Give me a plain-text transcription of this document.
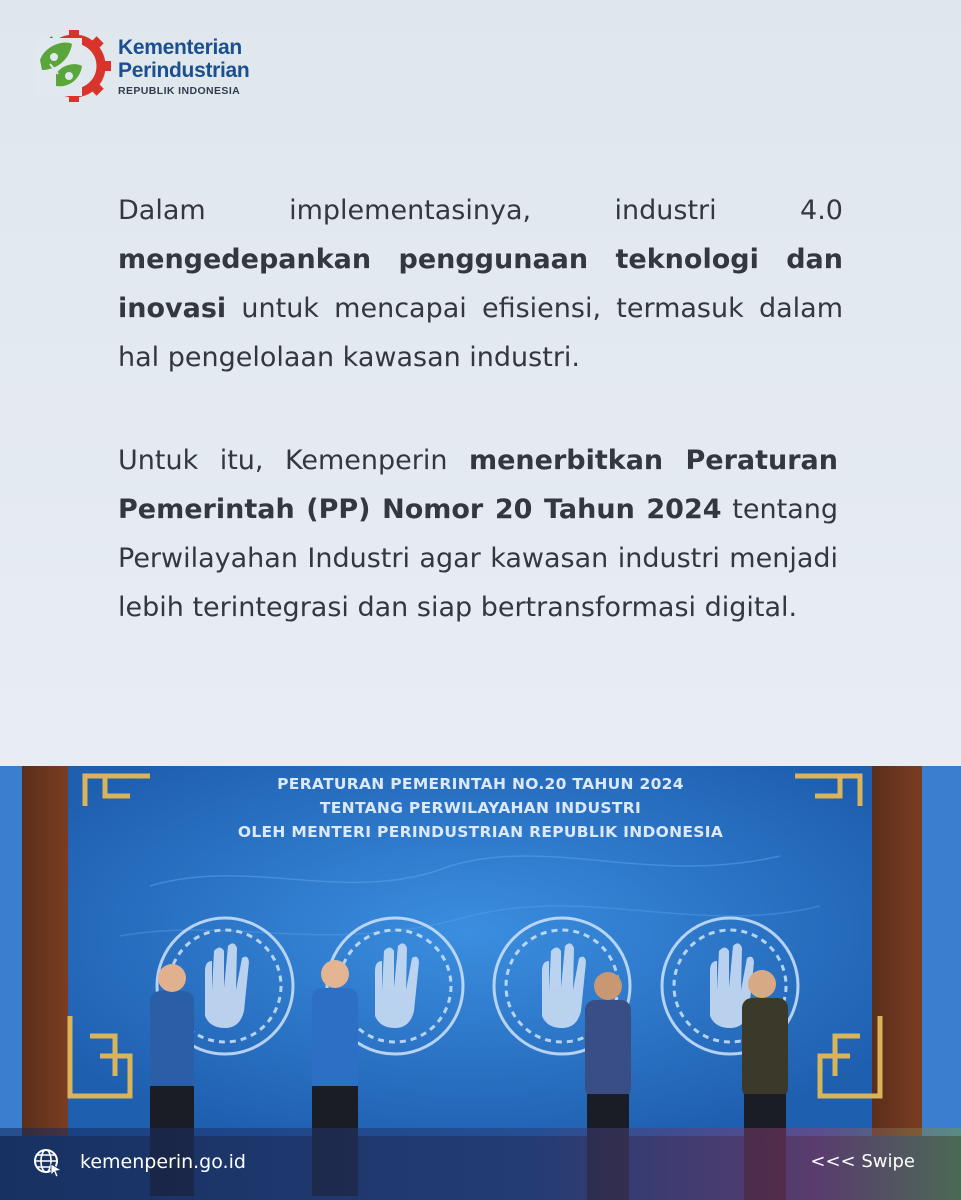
Kementerian
Perindustrian
REPUBLIK INDONESIA

Dalam implementasinya, industri 4.0 mengedepankan penggunaan teknologi dan inovasi untuk mencapai efisiensi, termasuk dalam hal pengelolaan kawasan industri.

Untuk itu, Kemenperin menerbitkan Peraturan Pemerintah (PP) Nomor 20 Tahun 2024 tentang Perwilayahan Industri agar kawasan industri menjadi lebih terintegrasi dan siap bertransformasi digital.

PERATURAN PEMERINTAH NO.20 TAHUN 2024
TENTANG PERWILAYAHAN INDUSTRI
OLEH MENTERI PERINDUSTRIAN REPUBLIK INDONESIA
kemenperin.go.id	<<< Swipe
